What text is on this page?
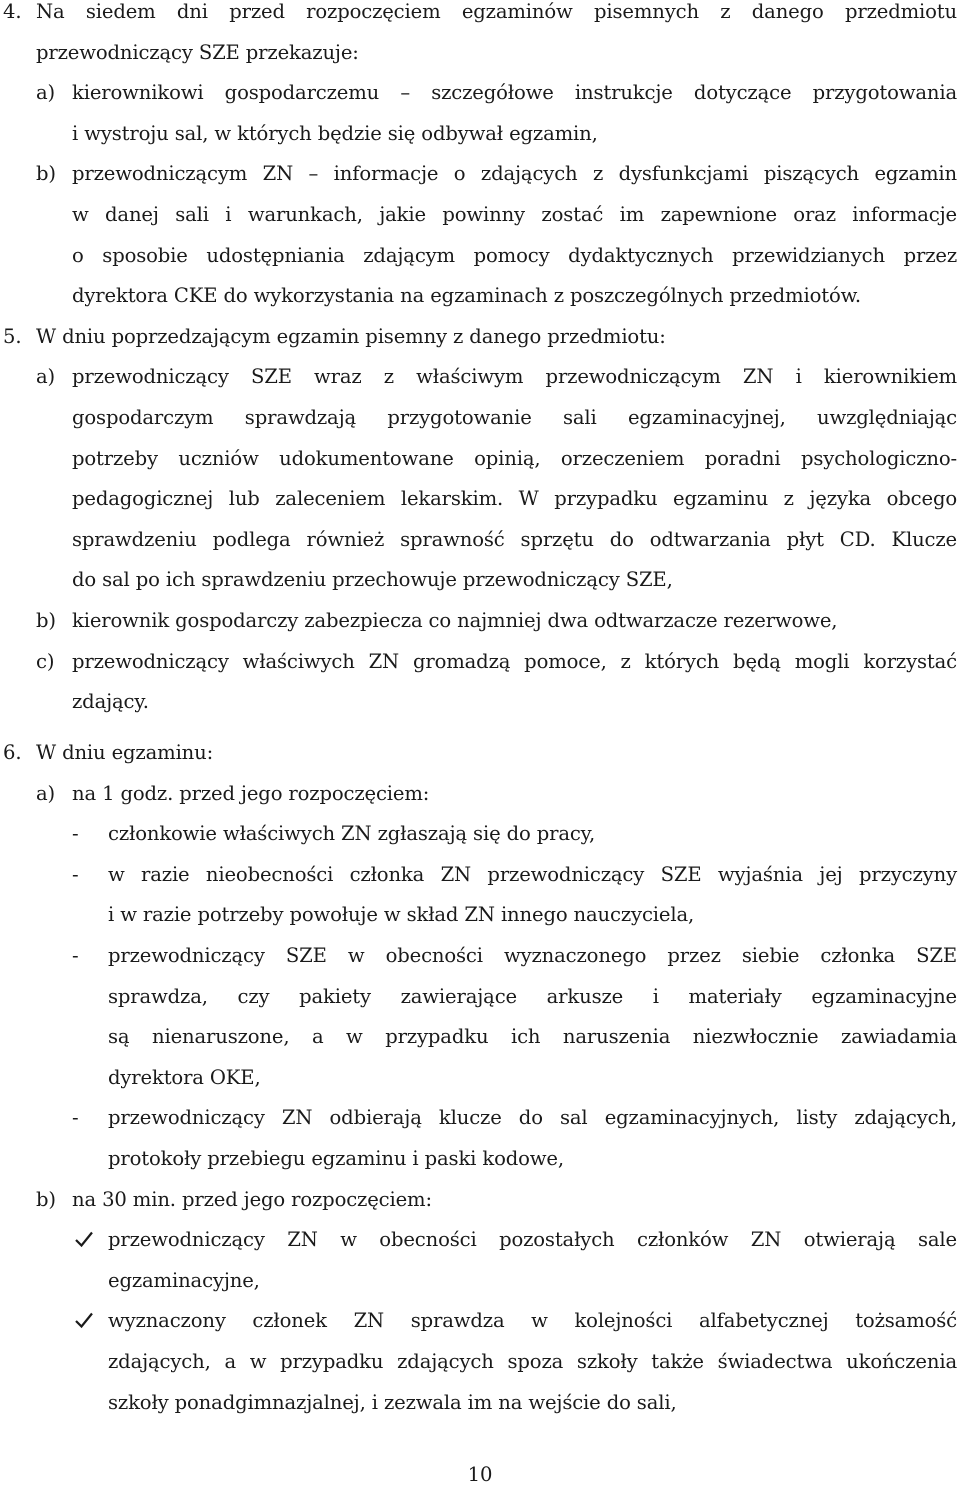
4. Na siedem dni przed rozpoczęciem egzaminów pisemnych z danego przedmiotu
przewodniczący SZE przekazuje:
a) kierownikowi gospodarczemu – szczegółowe instrukcje dotyczące przygotowania
i wystroju sal, w których będzie się odbywał egzamin,
b) przewodniczącym ZN – informacje o zdających z dysfunkcjami piszących egzamin
w danej sali i warunkach, jakie powinny zostać im zapewnione oraz informacje
o sposobie udostępniania zdającym pomocy dydaktycznych przewidzianych przez
dyrektora CKE do wykorzystania na egzaminach z poszczególnych przedmiotów.
5. W dniu poprzedzającym egzamin pisemny z danego przedmiotu:
a) przewodniczący SZE wraz z właściwym przewodniczącym ZN i kierownikiem
gospodarczym sprawdzają przygotowanie sali egzaminacyjnej, uwzględniając
potrzeby uczniów udokumentowane opinią, orzeczeniem poradni psychologiczno-
pedagogicznej lub zaleceniem lekarskim. W przypadku egzaminu z języka obcego
sprawdzeniu podlega również sprawność sprzętu do odtwarzania płyt CD. Klucze
do sal po ich sprawdzeniu przechowuje przewodniczący SZE,
b) kierownik gospodarczy zabezpiecza co najmniej dwa odtwarzacze rezerwowe,
c) przewodniczący właściwych ZN gromadzą pomoce, z których będą mogli korzystać
zdający.
6. W dniu egzaminu:
a) na 1 godz. przed jego rozpoczęciem:
- członkowie właściwych ZN zgłaszają się do pracy,
- w razie nieobecności członka ZN przewodniczący SZE wyjaśnia jej przyczyny
i w razie potrzeby powołuje w skład ZN innego nauczyciela,
- przewodniczący SZE w obecności wyznaczonego przez siebie członka SZE
sprawdza, czy pakiety zawierające arkusze i materiały egzaminacyjne
są nienaruszone, a w przypadku ich naruszenia niezwłocznie zawiadamia
dyrektora OKE,
- przewodniczący ZN odbierają klucze do sal egzaminacyjnych, listy zdających,
protokoły przebiegu egzaminu i paski kodowe,
b) na 30 min. przed jego rozpoczęciem:
przewodniczący ZN w obecności pozostałych członków ZN otwierają sale
egzaminacyjne,
wyznaczony członek ZN sprawdza w kolejności alfabetycznej tożsamość
zdających, a w przypadku zdających spoza szkoły także świadectwa ukończenia
szkoły ponadgimnazjalnej, i zezwala im na wejście do sali,
10
